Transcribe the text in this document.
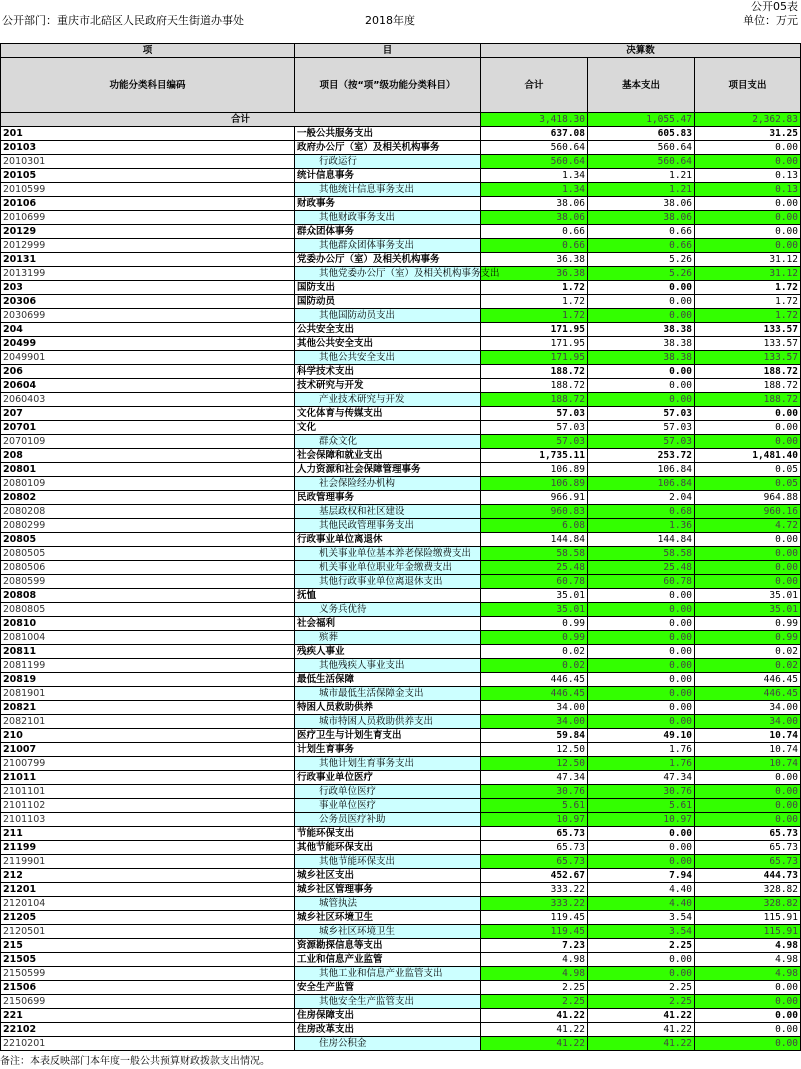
公开部门：重庆市北碚区人民政府天生街道办事处	2018年度
公开05表
单位：万元
项	目	决算数		
功能分类科目编码	项目（按“项”级功能分类科目）	合计	基本支出	项目支出
合计		3,418.30	1,055.47	2,362.83
201	一般公共服务支出	637.08	605.83	31.25
20103	政府办公厅（室）及相关机构事务	560.64	560.64	0.00
2010301	行政运行	560.64	560.64	0.00
20105	统计信息事务	1.34	1.21	0.13
2010599	其他统计信息事务支出	1.34	1.21	0.13
20106	财政事务	38.06	38.06	0.00
2010699	其他财政事务支出	38.06	38.06	0.00
20129	群众团体事务	0.66	0.66	0.00
2012999	其他群众团体事务支出	0.66	0.66	0.00
20131	党委办公厅（室）及相关机构事务	36.38	5.26	31.12
2013199	其他党委办公厅（室）及相关机构事务支出	36.38	5.26	31.12
203	国防支出	1.72	0.00	1.72
20306	国防动员	1.72	0.00	1.72
2030699	其他国防动员支出	1.72	0.00	1.72
204	公共安全支出	171.95	38.38	133.57
20499	其他公共安全支出	171.95	38.38	133.57
2049901	其他公共安全支出	171.95	38.38	133.57
206	科学技术支出	188.72	0.00	188.72
20604	技术研究与开发	188.72	0.00	188.72
2060403	产业技术研究与开发	188.72	0.00	188.72
207	文化体育与传媒支出	57.03	57.03	0.00
20701	文化	57.03	57.03	0.00
2070109	群众文化	57.03	57.03	0.00
208	社会保障和就业支出	1,735.11	253.72	1,481.40
20801	人力资源和社会保障管理事务	106.89	106.84	0.05
2080109	社会保险经办机构	106.89	106.84	0.05
20802	民政管理事务	966.91	2.04	964.88
2080208	基层政权和社区建设	960.83	0.68	960.16
2080299	其他民政管理事务支出	6.08	1.36	4.72
20805	行政事业单位离退休	144.84	144.84	0.00
2080505	机关事业单位基本养老保险缴费支出	58.58	58.58	0.00
2080506	机关事业单位职业年金缴费支出	25.48	25.48	0.00
2080599	其他行政事业单位离退休支出	60.78	60.78	0.00
20808	抚恤	35.01	0.00	35.01
2080805	义务兵优待	35.01	0.00	35.01
20810	社会福利	0.99	0.00	0.99
2081004	殡葬	0.99	0.00	0.99
20811	残疾人事业	0.02	0.00	0.02
2081199	其他残疾人事业支出	0.02	0.00	0.02
20819	最低生活保障	446.45	0.00	446.45
2081901	城市最低生活保障金支出	446.45	0.00	446.45
20821	特困人员救助供养	34.00	0.00	34.00
2082101	城市特困人员救助供养支出	34.00	0.00	34.00
210	医疗卫生与计划生育支出	59.84	49.10	10.74
21007	计划生育事务	12.50	1.76	10.74
2100799	其他计划生育事务支出	12.50	1.76	10.74
21011	行政事业单位医疗	47.34	47.34	0.00
2101101	行政单位医疗	30.76	30.76	0.00
2101102	事业单位医疗	5.61	5.61	0.00
2101103	公务员医疗补助	10.97	10.97	0.00
211	节能环保支出	65.73	0.00	65.73
21199	其他节能环保支出	65.73	0.00	65.73
2119901	其他节能环保支出	65.73	0.00	65.73
212	城乡社区支出	452.67	7.94	444.73
21201	城乡社区管理事务	333.22	4.40	328.82
2120104	城管执法	333.22	4.40	328.82
21205	城乡社区环境卫生	119.45	3.54	115.91
2120501	城乡社区环境卫生	119.45	3.54	115.91
215	资源勘探信息等支出	7.23	2.25	4.98
21505	工业和信息产业监管	4.98	0.00	4.98
2150599	其他工业和信息产业监管支出	4.98	0.00	4.98
21506	安全生产监管	2.25	2.25	0.00
2150699	其他安全生产监管支出	2.25	2.25	0.00
221	住房保障支出	41.22	41.22	0.00
22102	住房改革支出	41.22	41.22	0.00
2210201	住房公积金	41.22	41.22	0.00
备注：本表反映部门本年度一般公共预算财政拨款支出情况。
